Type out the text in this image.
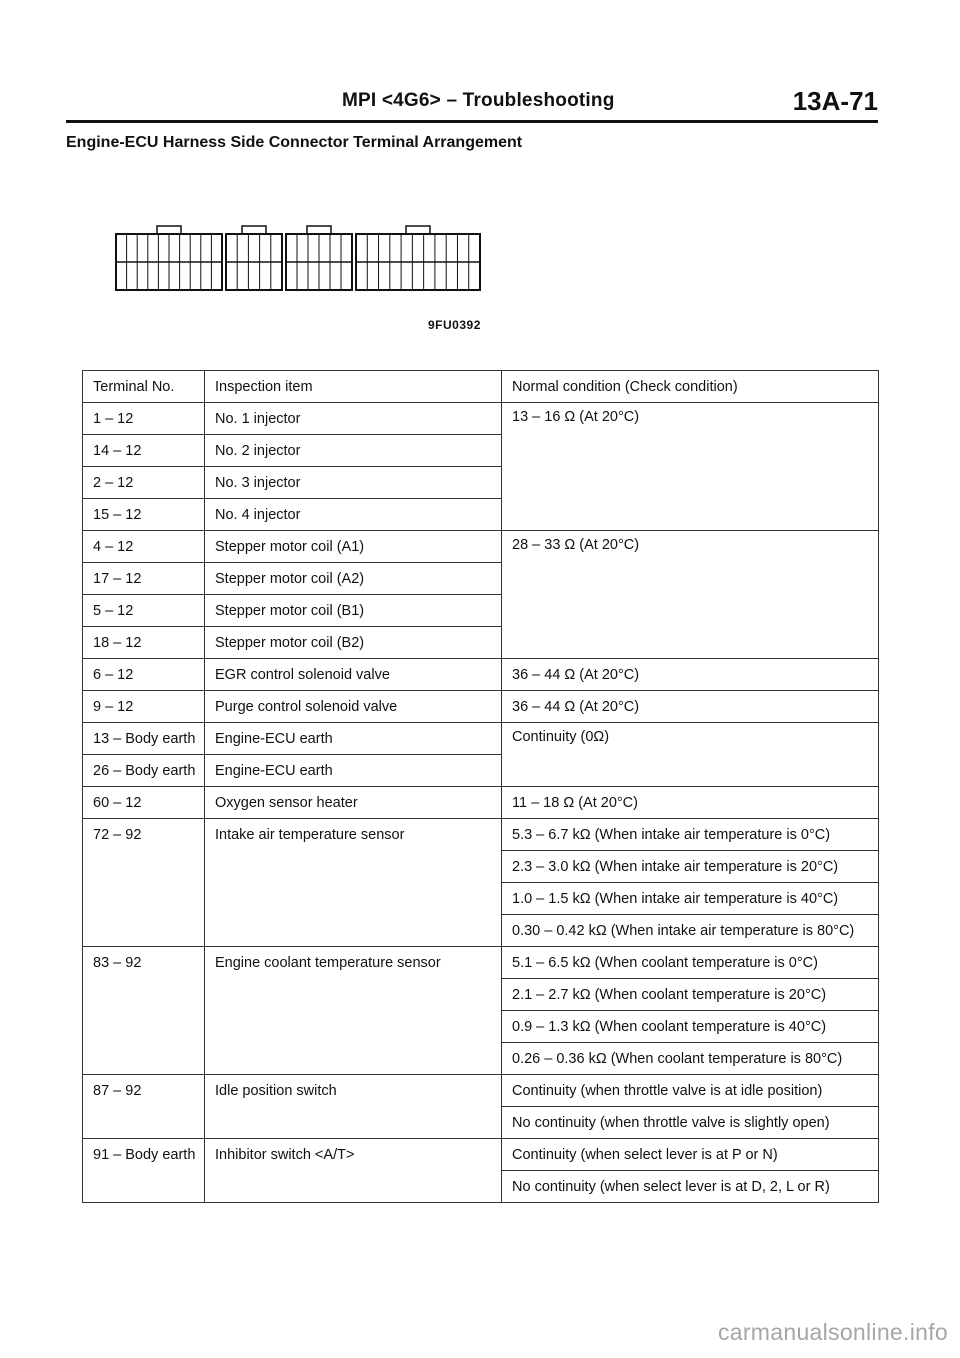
MPI <4G6> – Troubleshooting	13A-71
Engine-ECU Harness Side Connector Terminal Arrangement
9FU0392
Terminal No.	Inspection item	Normal condition (Check condition)
1 – 12	No. 1 injector	13 – 16 Ω (At 20°C)
14 – 12	No. 2 injector	
2 – 12	No. 3 injector	
15 – 12	No. 4 injector	
4 – 12	Stepper motor coil (A1)	28 – 33 Ω (At 20°C)
17 – 12	Stepper motor coil (A2)	
5 – 12	Stepper motor coil (B1)	
18 – 12	Stepper motor coil (B2)	
6 – 12	EGR control solenoid valve	36 – 44 Ω (At 20°C)
9 – 12	Purge control solenoid valve	36 – 44 Ω (At 20°C)
13 – Body earth	Engine-ECU earth	Continuity (0Ω)
26 – Body earth	Engine-ECU earth	
60 – 12	Oxygen sensor heater	11 – 18 Ω (At 20°C)
72 – 92	Intake air temperature sensor	5.3 – 6.7 kΩ (When intake air temperature is 0°C)
		2.3 – 3.0 kΩ (When intake air temperature is 20°C)
		1.0 – 1.5 kΩ (When intake air temperature is 40°C)
		0.30 – 0.42 kΩ (When intake air temperature is 80°C)
83 – 92	Engine coolant temperature sensor	5.1 – 6.5 kΩ (When coolant temperature is 0°C)
		2.1 – 2.7 kΩ (When coolant temperature is 20°C)
		0.9 – 1.3 kΩ (When coolant temperature is 40°C)
		0.26 – 0.36 kΩ (When coolant temperature is 80°C)
87 – 92	Idle position switch	Continuity (when throttle valve is at idle position)
		No continuity (when throttle valve is slightly open)
91 – Body earth	Inhibitor switch <A/T>	Continuity (when select lever is at P or N)
		No continuity (when select lever is at D, 2, L or R)
carmanualsonline.info
